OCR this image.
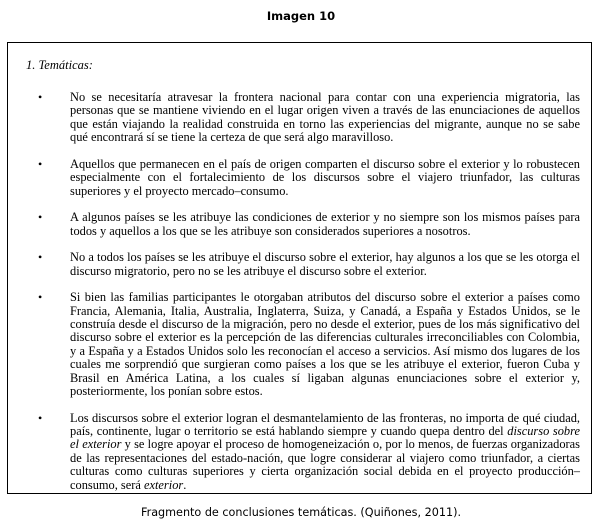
Imagen 10
1. Temáticas:
• No se necesitaría atravesar la frontera nacional para contar con una experiencia migratoria, las personas que se mantiene viviendo en el lugar origen viven a través de las enunciaciones de aquellos que están viajando la realidad construida en torno las experiencias del migrante, aunque no se sabe qué encontrará sí se tiene la certeza de que será algo maravilloso.
• Aquellos que permanecen en el país de origen comparten el discurso sobre el exterior y lo robustecen especialmente con el fortalecimiento de los discursos sobre el viajero triunfador, las culturas superiores y el proyecto mercado–consumo.
• A algunos países se les atribuye las condiciones de exterior y no siempre son los mismos países para todos y aquellos a los que se les atribuye son considerados superiores a nosotros.
• No a todos los países se les atribuye el discurso sobre el exterior, hay algunos a los que se les otorga el discurso migratorio, pero no se les atribuye el discurso sobre el exterior.
• Si bien las familias participantes le otorgaban atributos del discurso sobre el exterior a países como Francia, Alemania, Italia, Australia, Inglaterra, Suiza, y Canadá, a España y Estados Unidos, se le construía desde el discurso de la migración, pero no desde el exterior, pues de los más significativo del discurso sobre el exterior es la percepción de las diferencias culturales irreconciliables con Colombia, y a España y a Estados Unidos solo les reconocían el acceso a servicios. Así mismo dos lugares de los cuales me sorprendió que surgieran como países a los que se les atribuye el exterior, fueron Cuba y Brasil en América Latina, a los cuales sí ligaban algunas enunciaciones sobre el exterior y, posteriormente, los ponían sobre estos.
• Los discursos sobre el exterior logran el desmantelamiento de las fronteras, no importa de qué ciudad, país, continente, lugar o territorio se está hablando siempre y cuando quepa dentro del discurso sobre el exterior y se logre apoyar el proceso de homogeneización o, por lo menos, de fuerzas organizadoras de las representaciones del estado-nación, que logre considerar al viajero como triunfador, a ciertas culturas como culturas superiores y cierta organización social debida en el proyecto producción–consumo, será exterior.
Fragmento de conclusiones temáticas. (Quiñones, 2011).
